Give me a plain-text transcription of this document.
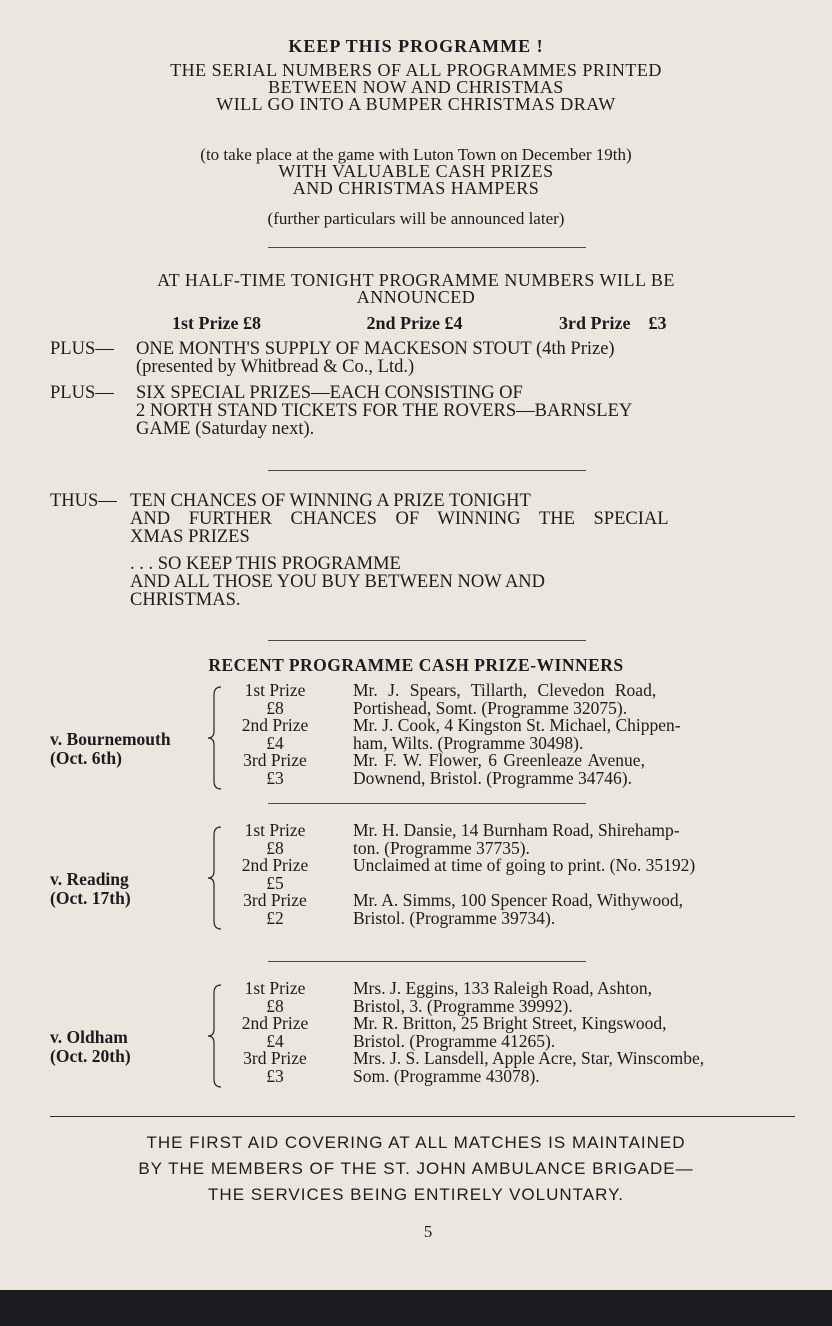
KEEP THIS PROGRAMME !
THE SERIAL NUMBERS OF ALL PROGRAMMES PRINTED
BETWEEN NOW AND CHRISTMAS
WILL GO INTO A BUMPER CHRISTMAS DRAW
(to take place at the game with Luton Town on December 19th)
WITH VALUABLE CASH PRIZES
AND CHRISTMAS HAMPERS
(further particulars will be announced later)
AT HALF-TIME TONIGHT PROGRAMME NUMBERS WILL BE
ANNOUNCED
1st Prize £8	2nd Prize £4	3rd Prize £3
PLUS— ONE MONTH'S SUPPLY OF MACKESON STOUT (4th Prize)
(presented by Whitbread & Co., Ltd.)
PLUS— SIX SPECIAL PRIZES—EACH CONSISTING OF
2 NORTH STAND TICKETS FOR THE ROVERS—BARNSLEY
GAME (Saturday next).
THUS— TEN CHANCES OF WINNING A PRIZE TONIGHT
AND FURTHER CHANCES OF WINNING THE SPECIAL
XMAS PRIZES
. . . SO KEEP THIS PROGRAMME
AND ALL THOSE YOU BUY BETWEEN NOW AND
CHRISTMAS.
RECENT PROGRAMME CASH PRIZE-WINNERS
v. Bournemouth
(Oct. 6th)
1st Prize
£8
2nd Prize
£4
3rd Prize
£3
Mr. J. Spears, Tillarth, Clevedon Road,
Portishead, Somt. (Programme 32075).
Mr. J. Cook, 4 Kingston St. Michael, Chippen-
ham, Wilts. (Programme 30498).
Mr. F. W. Flower, 6 Greenleaze Avenue,
Downend, Bristol. (Programme 34746).
v. Reading
(Oct. 17th)
1st Prize
£8
2nd Prize
£5
3rd Prize
£2
Mr. H. Dansie, 14 Burnham Road, Shirehamp-
ton. (Programme 37735).
Unclaimed at time of going to print. (No. 35192)
Mr. A. Simms, 100 Spencer Road, Withywood,
Bristol. (Programme 39734).
v. Oldham
(Oct. 20th)
1st Prize
£8
2nd Prize
£4
3rd Prize
£3
Mrs. J. Eggins, 133 Raleigh Road, Ashton,
Bristol, 3. (Programme 39992).
Mr. R. Britton, 25 Bright Street, Kingswood,
Bristol. (Programme 41265).
Mrs. J. S. Lansdell, Apple Acre, Star, Winscombe,
Som. (Programme 43078).
THE FIRST AID COVERING AT ALL MATCHES IS MAINTAINED
BY THE MEMBERS OF THE ST. JOHN AMBULANCE BRIGADE—
THE SERVICES BEING ENTIRELY VOLUNTARY.
5
